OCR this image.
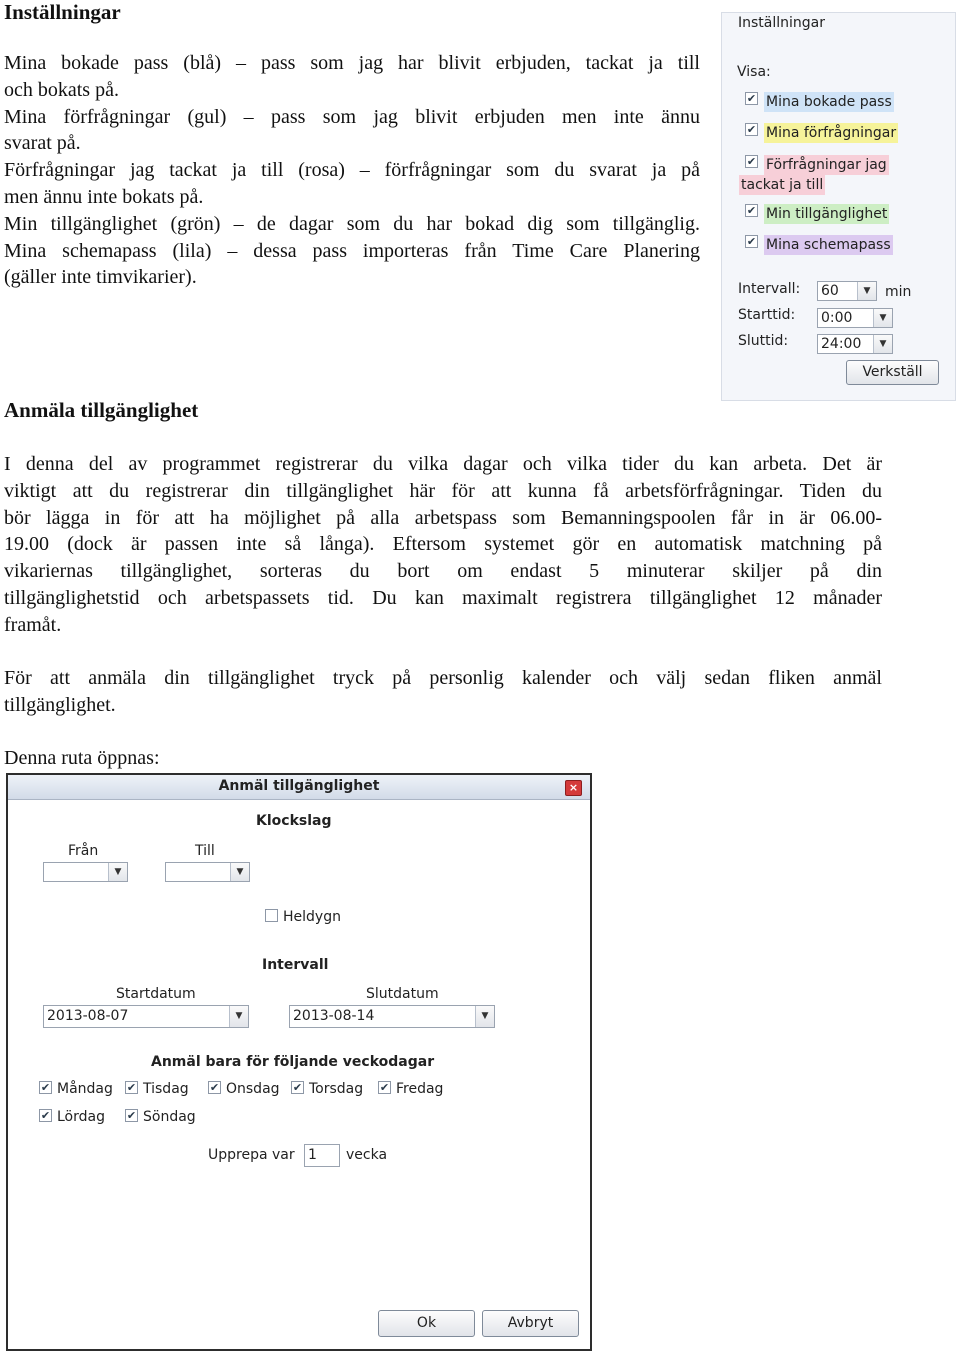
Inställningar
Mina bokade pass (blå) – pass som jag har blivit erbjuden, tackat ja till
och bokats på.
Mina förfrågningar (gul) – pass som jag blivit erbjuden men inte ännu
svarat på.
Förfrågningar jag tackat ja till (rosa) – förfrågningar som du svarat ja på
men ännu inte bokats på.
Min tillgänglighet (grön) – de dagar som du har bokad dig som tillgänglig.
Mina schemapass (lila) – dessa pass importeras från Time Care Planering
(gäller inte timvikarier).
Inställningar
Visa:
✔ Mina bokade pass
✔ Mina förfrågningar
✔ Förfrågningar jag
tackat ja till
✔ Min tillgänglighet
✔ Mina schemapass
Intervall: 60	▼	min
Starttid: 0:00	▼
Sluttid: 24:00	▼
Verkställ
Anmäla tillgänglighet
I denna del av programmet registrerar du vilka dagar och vilka tider du kan arbeta. Det är
viktigt att du registrerar din tillgänglighet här för att kunna få arbetsförfrågningar. Tiden du
bör lägga in för att ha möjlighet på alla arbetspass som Bemanningspoolen får in är 06.00-
19.00 (dock är passen inte så långa). Eftersom systemet gör en automatisk matchning på
vikariernas tillgänglighet, sorteras du bort om endast 5 minuterar skiljer på din
tillgänglighetstid och arbetspassets tid. Du kan maximalt registrera tillgänglighet 12 månader
framåt.
För att anmäla din tillgänglighet tryck på personlig kalender och välj sedan fliken anmäl
tillgänglighet.
Denna ruta öppnas:
Anmäl tillgänglighet	×
Klockslag
Från
▼
Till
▼
Heldygn
Intervall
Startdatum
2013-08-07	▼
Slutdatum
2013-08-14	▼
Anmäl bara för följande veckodagar
✔ Måndag ✔ Tisdag ✔ Onsdag ✔ Torsdag ✔ Fredag
✔ Lördag ✔ Söndag
Upprepa var 1	vecka
Ok	Avbryt
